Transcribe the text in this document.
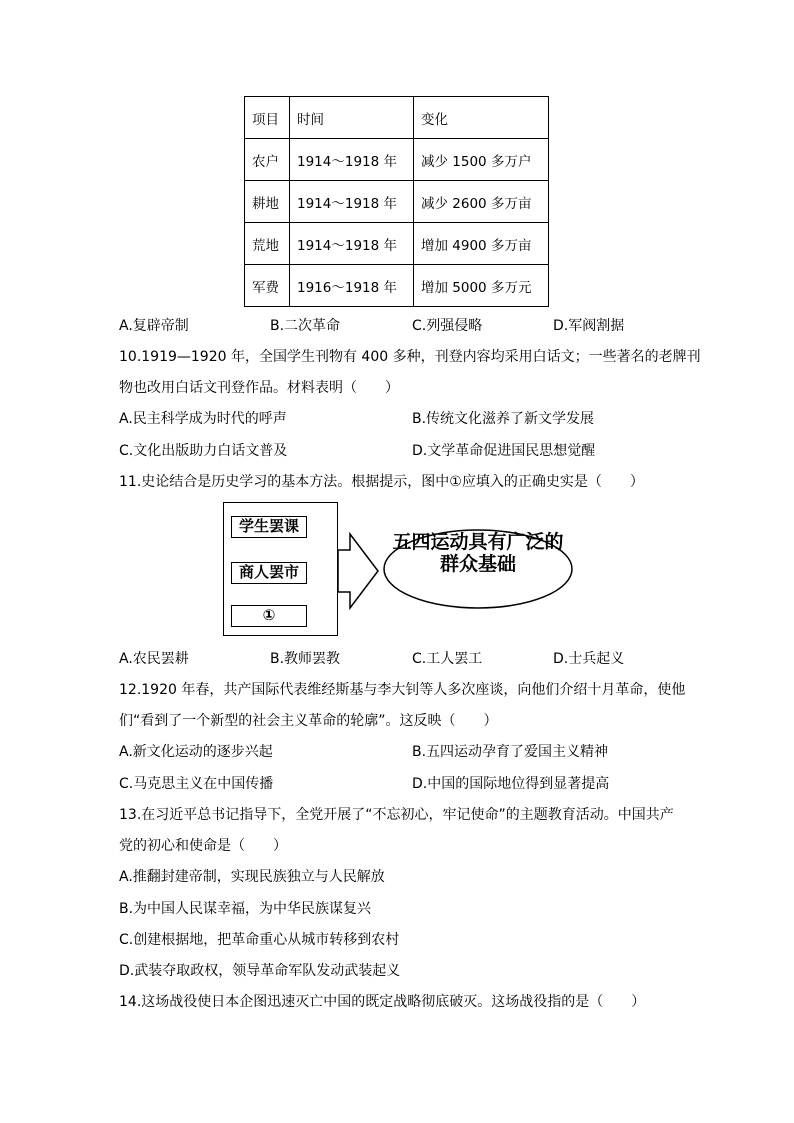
项目	时间	变化
农户	1914～1918 年	减少 1500 多万户
耕地	1914～1918 年	减少 2600 多万亩
荒地	1914～1918 年	增加 4900 多万亩
军费	1916～1918 年	增加 5000 多万元
A.复辟帝制	B.二次革命	C.列强侵略	D.军阀割据
10.1919—1920 年，全国学生刊物有 400 多种，刊登内容均采用白话文；一些著名的老牌刊
物也改用白话文刊登作品。材料表明（　　）
A.民主科学成为时代的呼声	B.传统文化滋养了新文学发展
C.文化出版助力白话文普及	D.文学革命促进国民思想觉醒
11.史论结合是历史学习的基本方法。根据提示，图中①应填入的正确史实是（　　）
学生罢课
商人罢市
①
五四运动具有广泛的群众基础
A.农民罢耕	B.教师罢教	C.工人罢工	D.士兵起义
12.1920 年春，共产国际代表维经斯基与李大钊等人多次座谈，向他们介绍十月革命，使他
们“看到了一个新型的社会主义革命的轮廓”。这反映（　　）
A.新文化运动的逐步兴起	B.五四运动孕育了爱国主义精神
C.马克思主义在中国传播	D.中国的国际地位得到显著提高
13.在习近平总书记指导下，全党开展了“不忘初心，牢记使命”的主题教育活动。中国共产
党的初心和使命是（　　）
A.推翻封建帝制，实现民族独立与人民解放
B.为中国人民谋幸福，为中华民族谋复兴
C.创建根据地，把革命重心从城市转移到农村
D.武装夺取政权，领导革命军队发动武装起义
14.这场战役使日本企图迅速灭亡中国的既定战略彻底破灭。这场战役指的是（　　）
